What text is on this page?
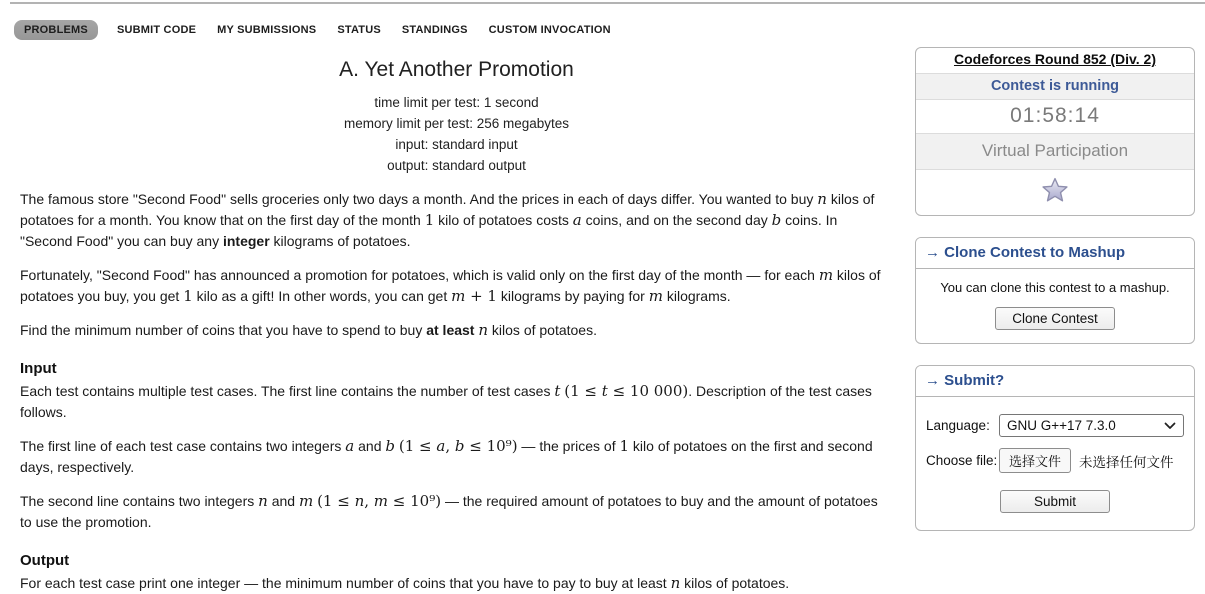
PROBLEMS	SUBMIT CODE MY SUBMISSIONS STATUS STANDINGS CUSTOM INVOCATION
A. Yet Another Promotion
time limit per test: 1 second
memory limit per test: 256 megabytes
input: standard input
output: standard output

The famous store "Second Food" sells groceries only two days a month. And the prices in each of days differ. You wanted to buy n kilos of potatoes for a month. You know that on the first day of the month 1 kilo of potatoes costs a coins, and on the second day b coins. In "Second Food" you can buy any integer kilograms of potatoes.

Fortunately, "Second Food" has announced a promotion for potatoes, which is valid only on the first day of the month — for each m kilos of potatoes you buy, you get 1 kilo as a gift! In other words, you can get m + 1 kilograms by paying for m kilograms.

Find the minimum number of coins that you have to spend to buy at least n kilos of potatoes.

Input

Each test contains multiple test cases. The first line contains the number of test cases t (1 ≤ t ≤ 10 000). Description of the test cases follows.

The first line of each test case contains two integers a and b (1 ≤ a, b ≤ 10⁹) — the prices of 1 kilo of potatoes on the first and second days, respectively.

The second line contains two integers n and m (1 ≤ n, m ≤ 10⁹) — the required amount of potatoes to buy and the amount of potatoes to use the promotion.

Output

For each test case print one integer — the minimum number of coins that you have to pay to buy at least n kilos of potatoes.

Codeforces Round 852 (Div. 2)
Contest is running
01:58:14
Virtual Participation
→ Clone Contest to Mashup
You can clone this contest to a mashup.
Clone Contest
→ Submit?
Language:	GNU G++17 7.3.0
Choose file: 选择文件	未选择任何文件
Submit
